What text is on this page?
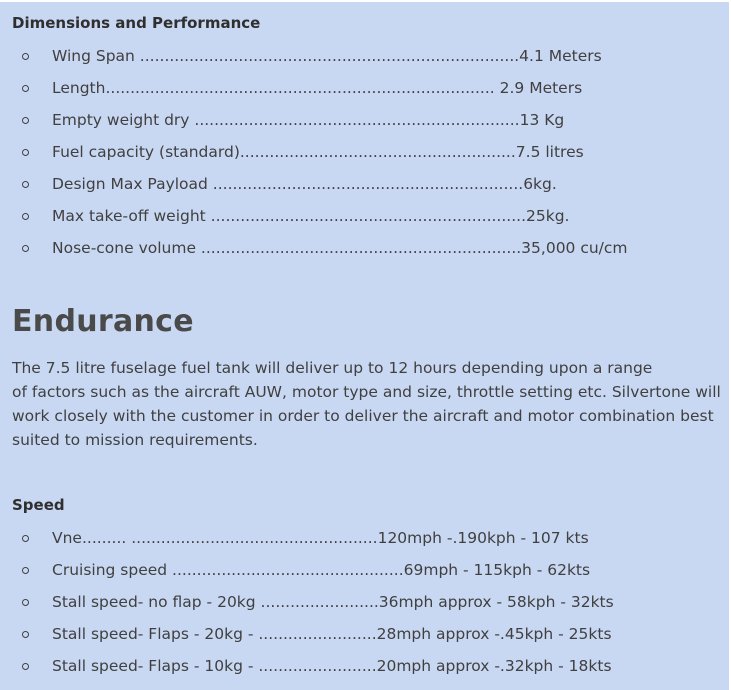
Dimensions and Performance
Wing Span .............................................................................4.1 Meters
Length............................................................................... 2.9 Meters
Empty weight dry ..................................................................13 Kg
Fuel capacity (standard)........................................................7.5 litres
Design Max Payload ...............................................................6kg.
Max take-off weight ................................................................25kg.
Nose-cone volume .................................................................35,000 cu/cm
Endurance

The 7.5 litre fuselage fuel tank will deliver up to 12 hours depending upon a range
of factors such as the aircraft AUW, motor type and size, throttle setting etc. Silvertone will
work closely with the customer in order to deliver the aircraft and motor combination best
suited to mission requirements.

Speed
Vne......... ..................................................120mph -.190kph - 107 kts
Cruising speed ...............................................69mph - 115kph - 62kts
Stall speed- no flap - 20kg ........................36mph approx - 58kph - 32kts
Stall speed- Flaps - 20kg - ........................28mph approx -.45kph - 25kts
Stall speed- Flaps - 10kg - ........................20mph approx -.32kph - 18kts
